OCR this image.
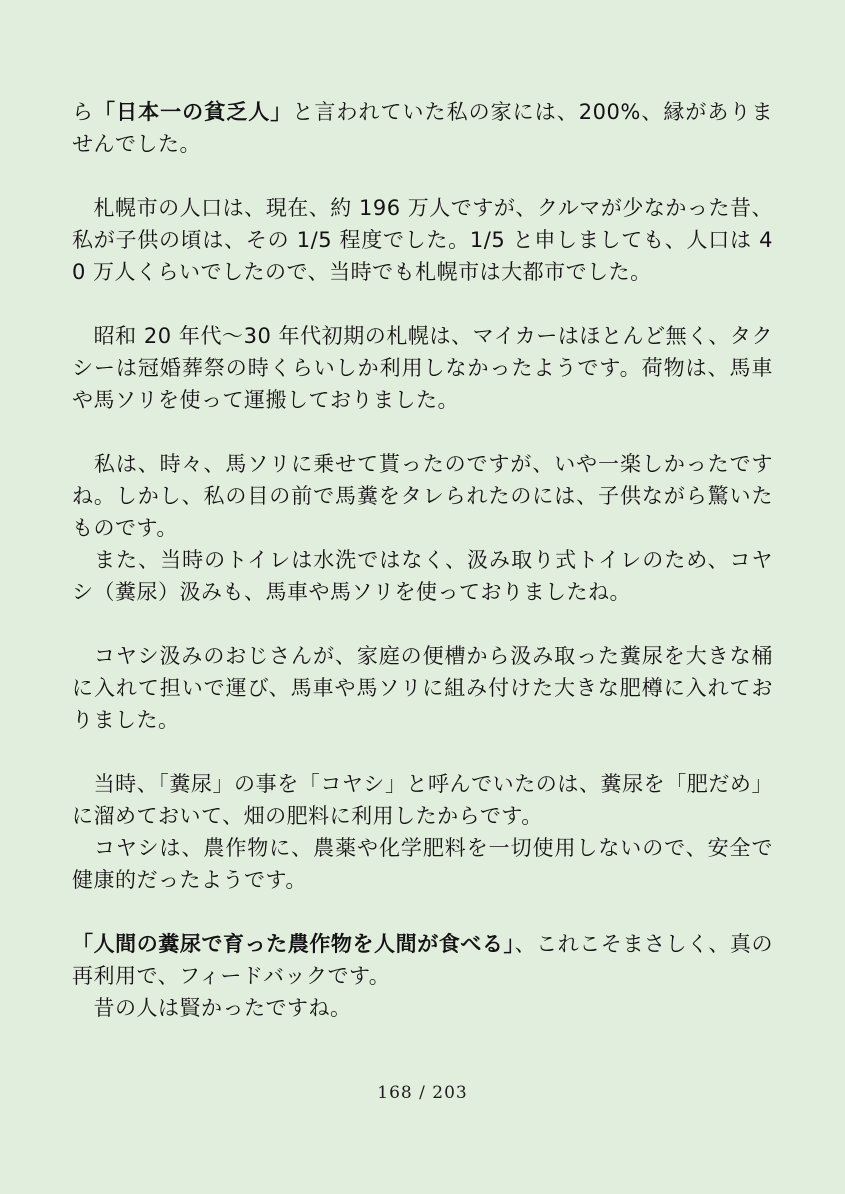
ら「日本一の貧乏人」と言われていた私の家には、200%、縁がありませんでした。

　札幌市の人口は、現在、約 196 万人ですが、クルマが少なかった昔、私が子供の頃は、その 1/5 程度でした。1/5 と申しましても、人口は 40 万人くらいでしたので、当時でも札幌市は大都市でした。

　昭和 20 年代～30 年代初期の札幌は、マイカーはほとんど無く、タクシーは冠婚葬祭の時くらいしか利用しなかったようです。荷物は、馬車や馬ソリを使って運搬しておりました。

　私は、時々、馬ソリに乗せて貰ったのですが、いや一楽しかったですね。しかし、私の目の前で馬糞をタレられたのには、子供ながら驚いたものです。

　また、当時のトイレは水洗ではなく、汲み取り式トイレのため、コヤシ（糞尿）汲みも、馬車や馬ソリを使っておりましたね。

　コヤシ汲みのおじさんが、家庭の便槽から汲み取った糞尿を大きな桶に入れて担いで運び、馬車や馬ソリに組み付けた大きな肥樽に入れておりました。

　当時、「糞尿」の事を「コヤシ」と呼んでいたのは、糞尿を「肥だめ」に溜めておいて、畑の肥料に利用したからです。

　コヤシは、農作物に、農薬や化学肥料を一切使用しないので、安全で健康的だったようです。

「人間の糞尿で育った農作物を人間が食べる」、これこそまさしく、真の再利用で、フィードバックです。

　昔の人は賢かったですね。

168 / 203
